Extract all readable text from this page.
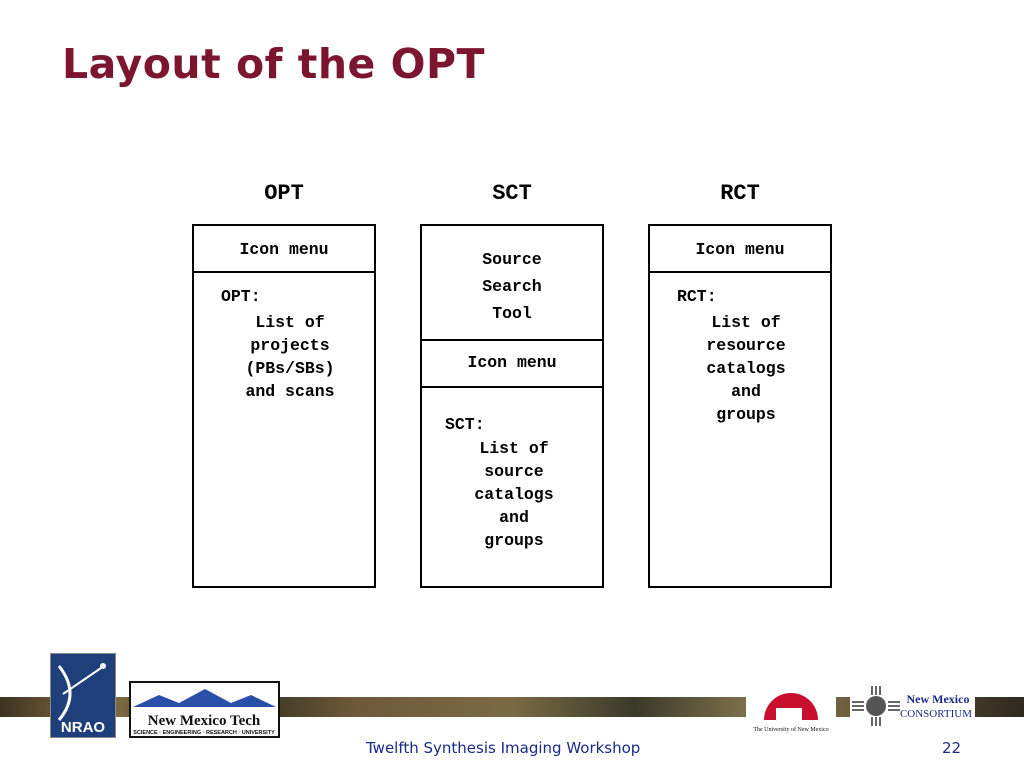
Layout of the OPT
OPT
Icon menu
OPT:
List of
projects
(PBs/SBs)
and scans
SCT
Source
Search
Tool
Icon menu
SCT:
List of
source
catalogs
and
groups
RCT
Icon menu
RCT:
List of
resource
catalogs
and
groups
NRAO	New Mexico Tech
SCIENCE · ENGINEERING · RESEARCH · UNIVERSITY	The University of New Mexico
New Mexico
CONSORTIUM
Twelfth Synthesis Imaging Workshop	22
